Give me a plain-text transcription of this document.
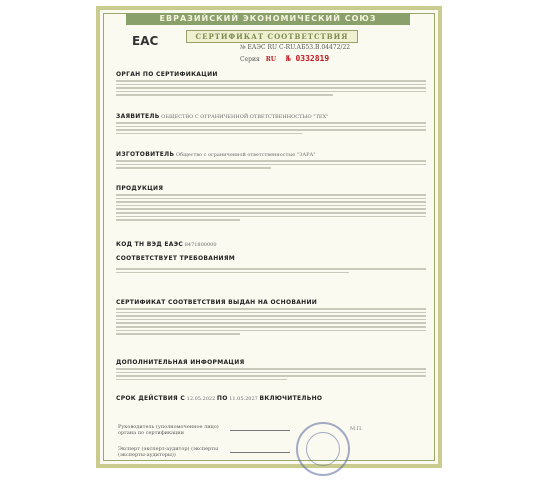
ЕВРАЗИЙСКИЙ ЭКОНОМИЧЕСКИЙ СОЮЗ
EAC	СЕРТИФИКАТ СООТВЕТСТВИЯ
№ ЕАЭС RU С-RU.АБ53.В.04472/22
Серия RU № 0332819
ОРГАН ПО СЕРТИФИКАЦИИ
ЗАЯВИТЕЛЬ ОБЩЕСТВО С ОГРАНИЧЕННОЙ ОТВЕТСТВЕННОСТЬЮ "ТЕХ"
ИЗГОТОВИТЕЛЬ Общество с ограниченной ответственностью "ЗАРА"
ПРОДУКЦИЯ
КОД ТН ВЭД ЕАЭС 8471800000
СООТВЕТСТВУЕТ ТРЕБОВАНИЯМ
СЕРТИФИКАТ СООТВЕТСТВИЯ ВЫДАН НА ОСНОВАНИИ
ДОПОЛНИТЕЛЬНАЯ ИНФОРМАЦИЯ
СРОК ДЕЙСТВИЯ С 12.05.2022 ПО 11.05.2027 ВКЛЮЧИТЕЛЬНО
Руководитель (уполномоченное лицо) органа по сертификации
Эксперт (эксперт-аудитор) (эксперты (эксперты-аудиторы))
М.П.
